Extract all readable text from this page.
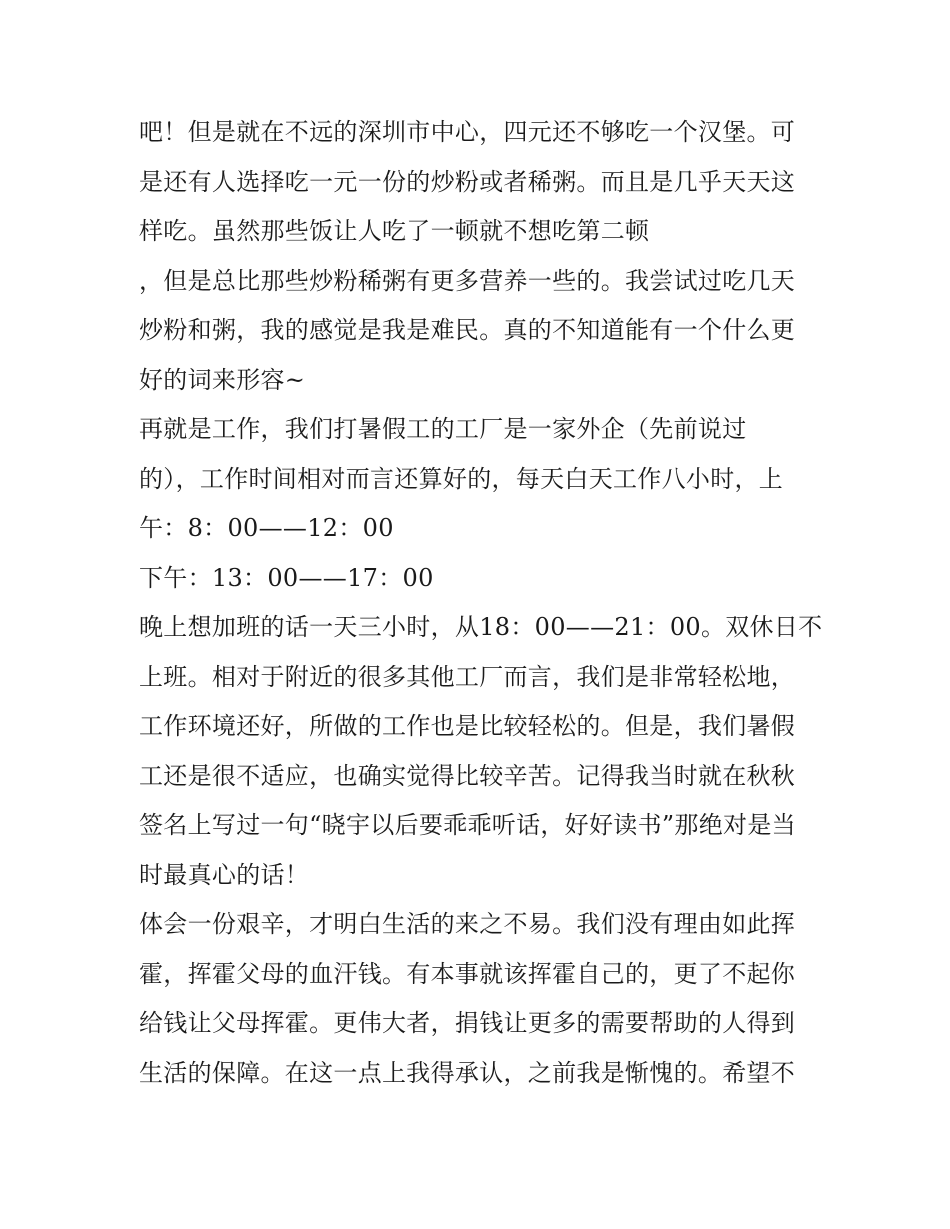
吧！但是就在不远的深圳市中心，四元还不够吃一个汉堡。可
是还有人选择吃一元一份的炒粉或者稀粥。而且是几乎天天这
样吃。虽然那些饭让人吃了一顿就不想吃第二顿
，但是总比那些炒粉稀粥有更多营养一些的。我尝试过吃几天
炒粉和粥，我的感觉是我是难民。真的不知道能有一个什么更
好的词来形容~
再就是工作，我们打暑假工的工厂是一家外企（先前说过
的），工作时间相对而言还算好的，每天白天工作八小时，上
午：8：00——12：00
下午：13：00——17：00
晚上想加班的话一天三小时，从18：00——21：00。双休日不
上班。相对于附近的很多其他工厂而言，我们是非常轻松地，
工作环境还好，所做的工作也是比较轻松的。但是，我们暑假
工还是很不适应，也确实觉得比较辛苦。记得我当时就在秋秋
签名上写过一句“晓宇以后要乖乖听话，好好读书”那绝对是当
时最真心的话！
体会一份艰辛，才明白生活的来之不易。我们没有理由如此挥
霍，挥霍父母的血汗钱。有本事就该挥霍自己的，更了不起你
给钱让父母挥霍。更伟大者，捐钱让更多的需要帮助的人得到
生活的保障。在这一点上我得承认，之前我是惭愧的。希望不
